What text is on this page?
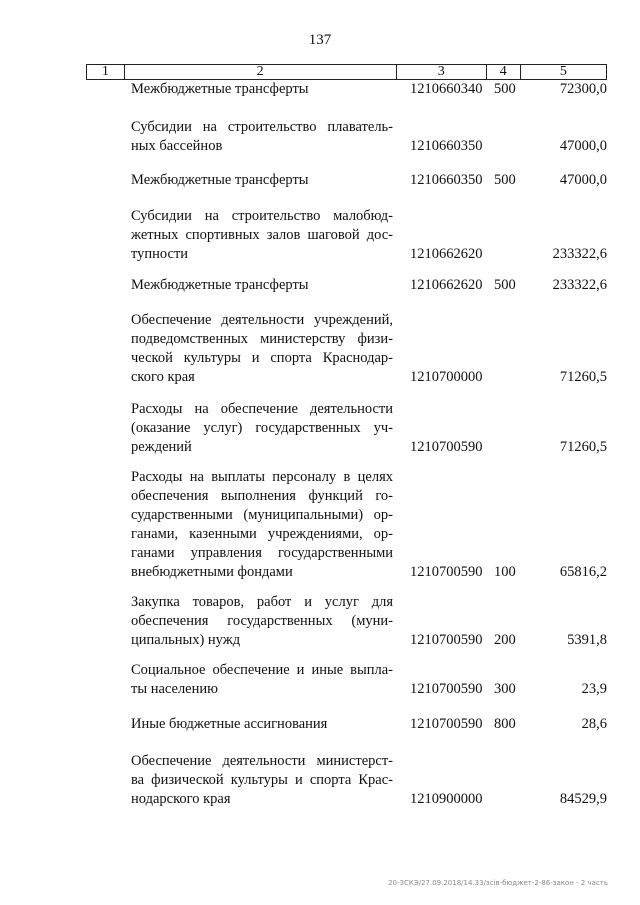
137
1	2	3	4	5
Межбюджетные трансферты	1210660340 500	72300,0
Субсидии на строительство плаватель-
ных бассейнов	1210660350	47000,0
Межбюджетные трансферты	1210660350 500	47000,0
Субсидии на строительство малобюд-
жетных спортивных залов шаговой дос-
тупности	1210662620	233322,6
Межбюджетные трансферты	1210662620 500	233322,6
Обеспечение деятельности учреждений,
подведомственных министерству физи-
ческой культуры и спорта Краснодар-
ского края	1210700000	71260,5
Расходы на обеспечение деятельности
(оказание услуг) государственных уч-
реждений	1210700590	71260,5
Расходы на выплаты персоналу в целях
обеспечения выполнения функций го-
сударственными (муниципальными) ор-
ганами, казенными учреждениями, ор-
ганами управления государственными
внебюджетными фондами	1210700590 100	65816,2
Закупка товаров, работ и услуг для
обеспечения государственных (муни-
ципальных) нужд	1210700590 200	5391,8
Социальное обеспечение и иные выпла-
ты населению	1210700590 300	23,9
Иные бюджетные ассигнования	1210700590 800	28,6
Обеспечение деятельности министерст-
ва физической культуры и спорта Крас-
нодарского края	1210900000	84529,9
20-ЗСКЭ/27.09.2018/14.33/зсів-бюджет-2-86-закон - 2 часть
